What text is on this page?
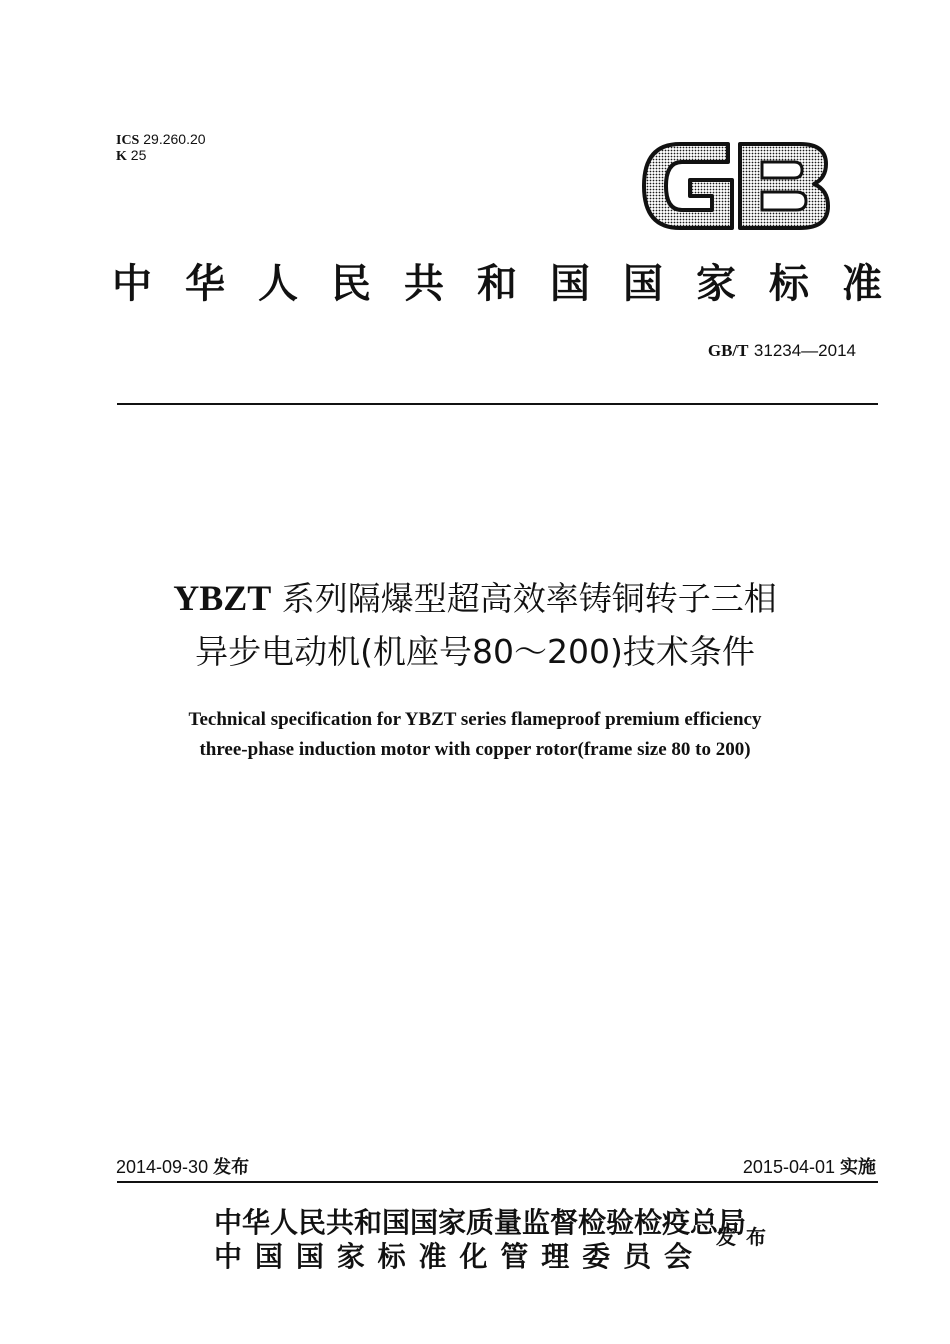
ICS 29.260.20
K 25
中华人民共和国国家标准
GB/T 31234—2014
YBZT 系列隔爆型超高效率铸铜转子三相
异步电动机(机座号80～200)技术条件
Technical specification for YBZT series flameproof premium efficiency
three-phase induction motor with copper rotor(frame size 80 to 200)
2014-09-30 发布	2015-04-01 实施
中华人民共和国国家质量监督检验检疫总局
中国国家标准化管理委员会
发布
